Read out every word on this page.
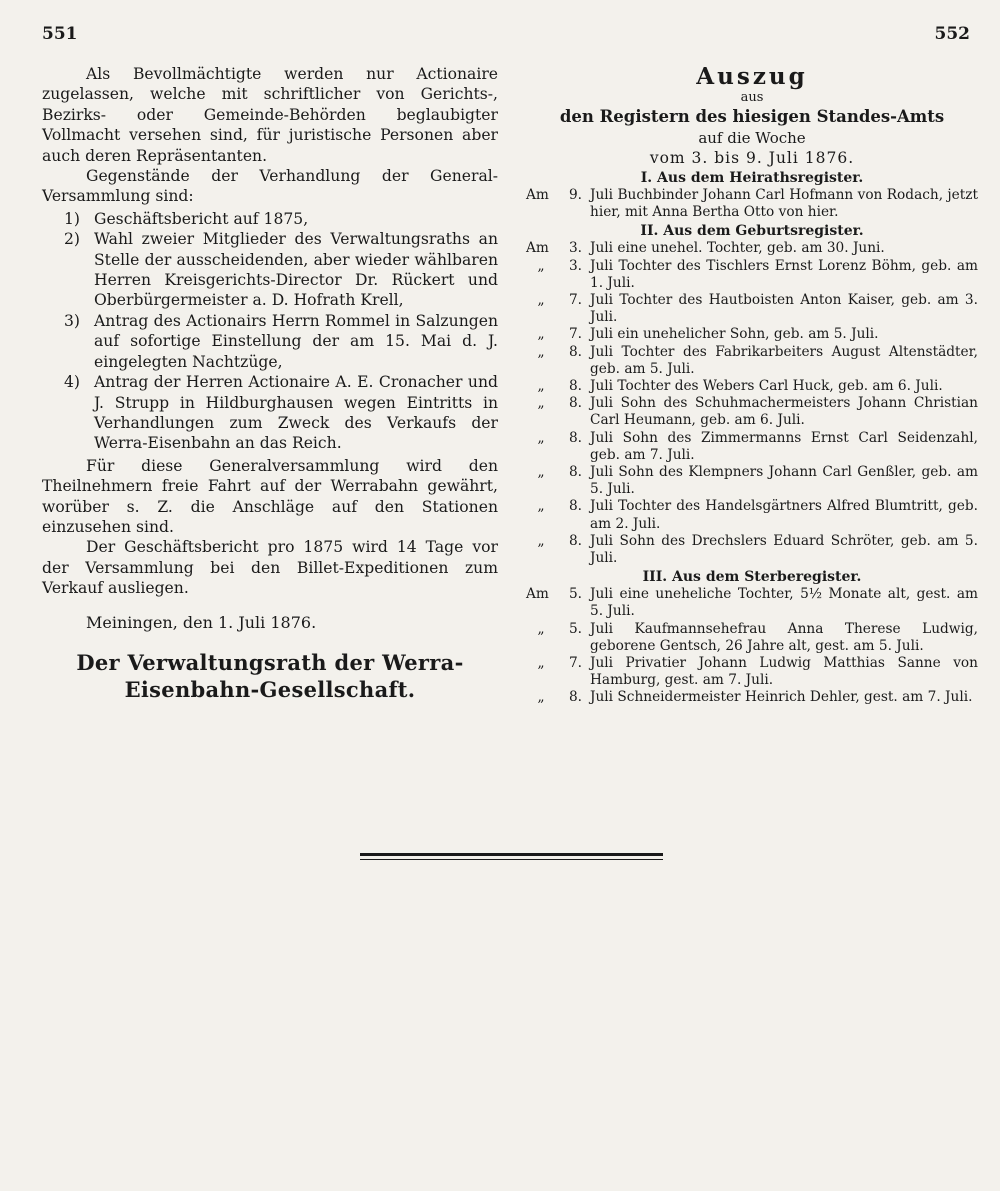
551	552

Als Bevollmächtigte werden nur Actionaire zugelassen, welche mit schriftlicher von Gerichts-, Bezirks- oder Gemeinde-Behörden beglaubigter Vollmacht versehen sind, für juristische Personen aber auch deren Repräsentanten.

Gegenstände der Verhandlung der General-Versammlung sind:

1) Geschäftsbericht auf 1875,
2) Wahl zweier Mitglieder des Verwaltungsraths an Stelle der ausscheidenden, aber wieder wählbaren Herren Kreisgerichts-Director Dr. Rückert und Oberbürgermeister a. D. Hofrath Krell,
3) Antrag des Actionairs Herrn Rommel in Salzungen auf sofortige Einstellung der am 15. Mai d. J. eingelegten Nachtzüge,
4) Antrag der Herren Actionaire A. E. Cronacher und J. Strupp in Hildburghausen wegen Eintritts in Verhandlungen zum Zweck des Verkaufs der Werra-Eisenbahn an das Reich.

Für diese Generalversammlung wird den Theilnehmern freie Fahrt auf der Werrabahn gewährt, worüber s. Z. die Anschläge auf den Stationen einzusehen sind.

Der Geschäftsbericht pro 1875 wird 14 Tage vor der Versammlung bei den Billet-Expeditionen zum Verkauf ausliegen.

Meiningen, den 1. Juli 1876.
Der Verwaltungsrath der Werra-
Eisenbahn-Gesellschaft.
Auszug
aus
den Registern des hiesigen Standes-Amts
auf die Woche
vom 3. bis 9. Juli 1876.
I. Aus dem Heirathsregister.
Am	9. Juli Buchbinder Johann Carl Hofmann von Rodach, jetzt hier, mit Anna Bertha Otto von hier.
II. Aus dem Geburtsregister.
Am	3. Juli eine unehel. Tochter, geb. am 30. Juni.
„	3. Juli Tochter des Tischlers Ernst Lorenz Böhm, geb. am 1. Juli.
„	7. Juli Tochter des Hautboisten Anton Kaiser, geb. am 3. Juli.
„	7. Juli ein unehelicher Sohn, geb. am 5. Juli.
„	8. Juli Tochter des Fabrikarbeiters August Altenstädter, geb. am 5. Juli.
„	8. Juli Tochter des Webers Carl Huck, geb. am 6. Juli.
„	8. Juli Sohn des Schuhmachermeisters Johann Christian Carl Heumann, geb. am 6. Juli.
„	8. Juli Sohn des Zimmermanns Ernst Carl Seidenzahl, geb. am 7. Juli.
„	8. Juli Sohn des Klempners Johann Carl Genßler, geb. am 5. Juli.
„	8. Juli Tochter des Handelsgärtners Alfred Blumtritt, geb. am 2. Juli.
„	8. Juli Sohn des Drechslers Eduard Schröter, geb. am 5. Juli.
III. Aus dem Sterberegister.
Am	5. Juli eine uneheliche Tochter, 5½ Monate alt, gest. am 5. Juli.
„	5. Juli Kaufmannsehefrau Anna Therese Ludwig, geborene Gentsch, 26 Jahre alt, gest. am 5. Juli.
„	7. Juli Privatier Johann Ludwig Matthias Sanne von Hamburg, gest. am 7. Juli.
„	8. Juli Schneidermeister Heinrich Dehler, gest. am 7. Juli.
